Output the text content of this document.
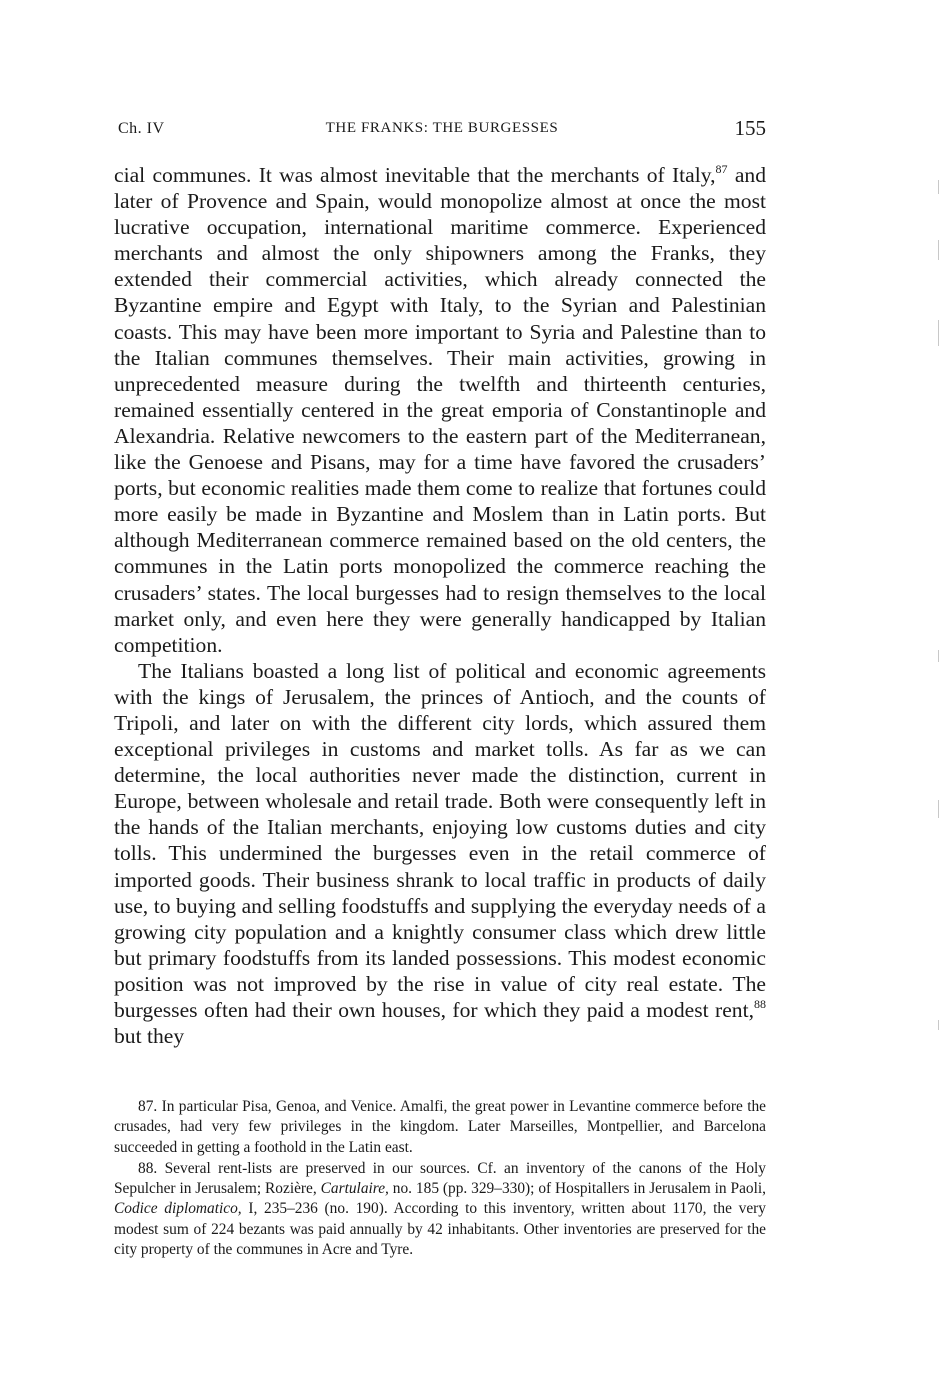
Ch. IV	THE FRANKS: THE BURGESSES	155

cial communes. It was almost inevitable that the merchants of Italy,$^{87}$ and later of Provence and Spain, would monopolize almost at once the most lucrative occupation, international maritime commerce. Experienced merchants and almost the only shipowners among the Franks, they extended their commercial activities, which already connected the Byzantine empire and Egypt with Italy, to the Syrian and Palestinian coasts. This may have been more important to Syria and Palestine than to the Italian communes themselves. Their main activities, growing in unprecedented measure during the twelfth and thirteenth centuries, remained essentially centered in the great emporia of Constantinople and Alexandria. Relative newcomers to the eastern part of the Mediterranean, like the Genoese and Pisans, may for a time have favored the crusaders’ ports, but economic realities made them come to realize that fortunes could more easily be made in Byzantine and Moslem than in Latin ports. But although Mediterranean commerce remained based on the old centers, the communes in the Latin ports monopolized the commerce reaching the crusaders’ states. The local burgesses had to resign themselves to the local market only, and even here they were generally handicapped by Italian competition.

The Italians boasted a long list of political and economic agreements with the kings of Jerusalem, the princes of Antioch, and the counts of Tripoli, and later on with the different city lords, which assured them exceptional privileges in customs and market tolls. As far as we can determine, the local authorities never made the distinction, current in Europe, between wholesale and retail trade. Both were consequently left in the hands of the Italian merchants, enjoying low customs duties and city tolls. This undermined the burgesses even in the retail commerce of imported goods. Their business shrank to local traffic in products of daily use, to buying and selling foodstuffs and supplying the everyday needs of a growing city population and a knightly consumer class which drew little but primary foodstuffs from its landed possessions. This modest economic position was not improved by the rise in value of city real estate. The burgesses often had their own houses, for which they paid a modest rent,$^{88}$ but they

87. In particular Pisa, Genoa, and Venice. Amalfi, the great power in Levantine commerce before the crusades, had very few privileges in the kingdom. Later Marseilles, Montpellier, and Barcelona succeeded in getting a foothold in the Latin east.

88. Several rent-lists are preserved in our sources. Cf. an inventory of the canons of the Holy Sepulcher in Jerusalem; Rozière, Cartulaire, no. 185 (pp. 329–330); of Hospitallers in Jerusalem in Paoli, Codice diplomatico, I, 235–236 (no. 190). According to this inventory, written about 1170, the very modest sum of 224 bezants was paid annually by 42 inhabitants. Other inventories are preserved for the city property of the communes in Acre and Tyre.
